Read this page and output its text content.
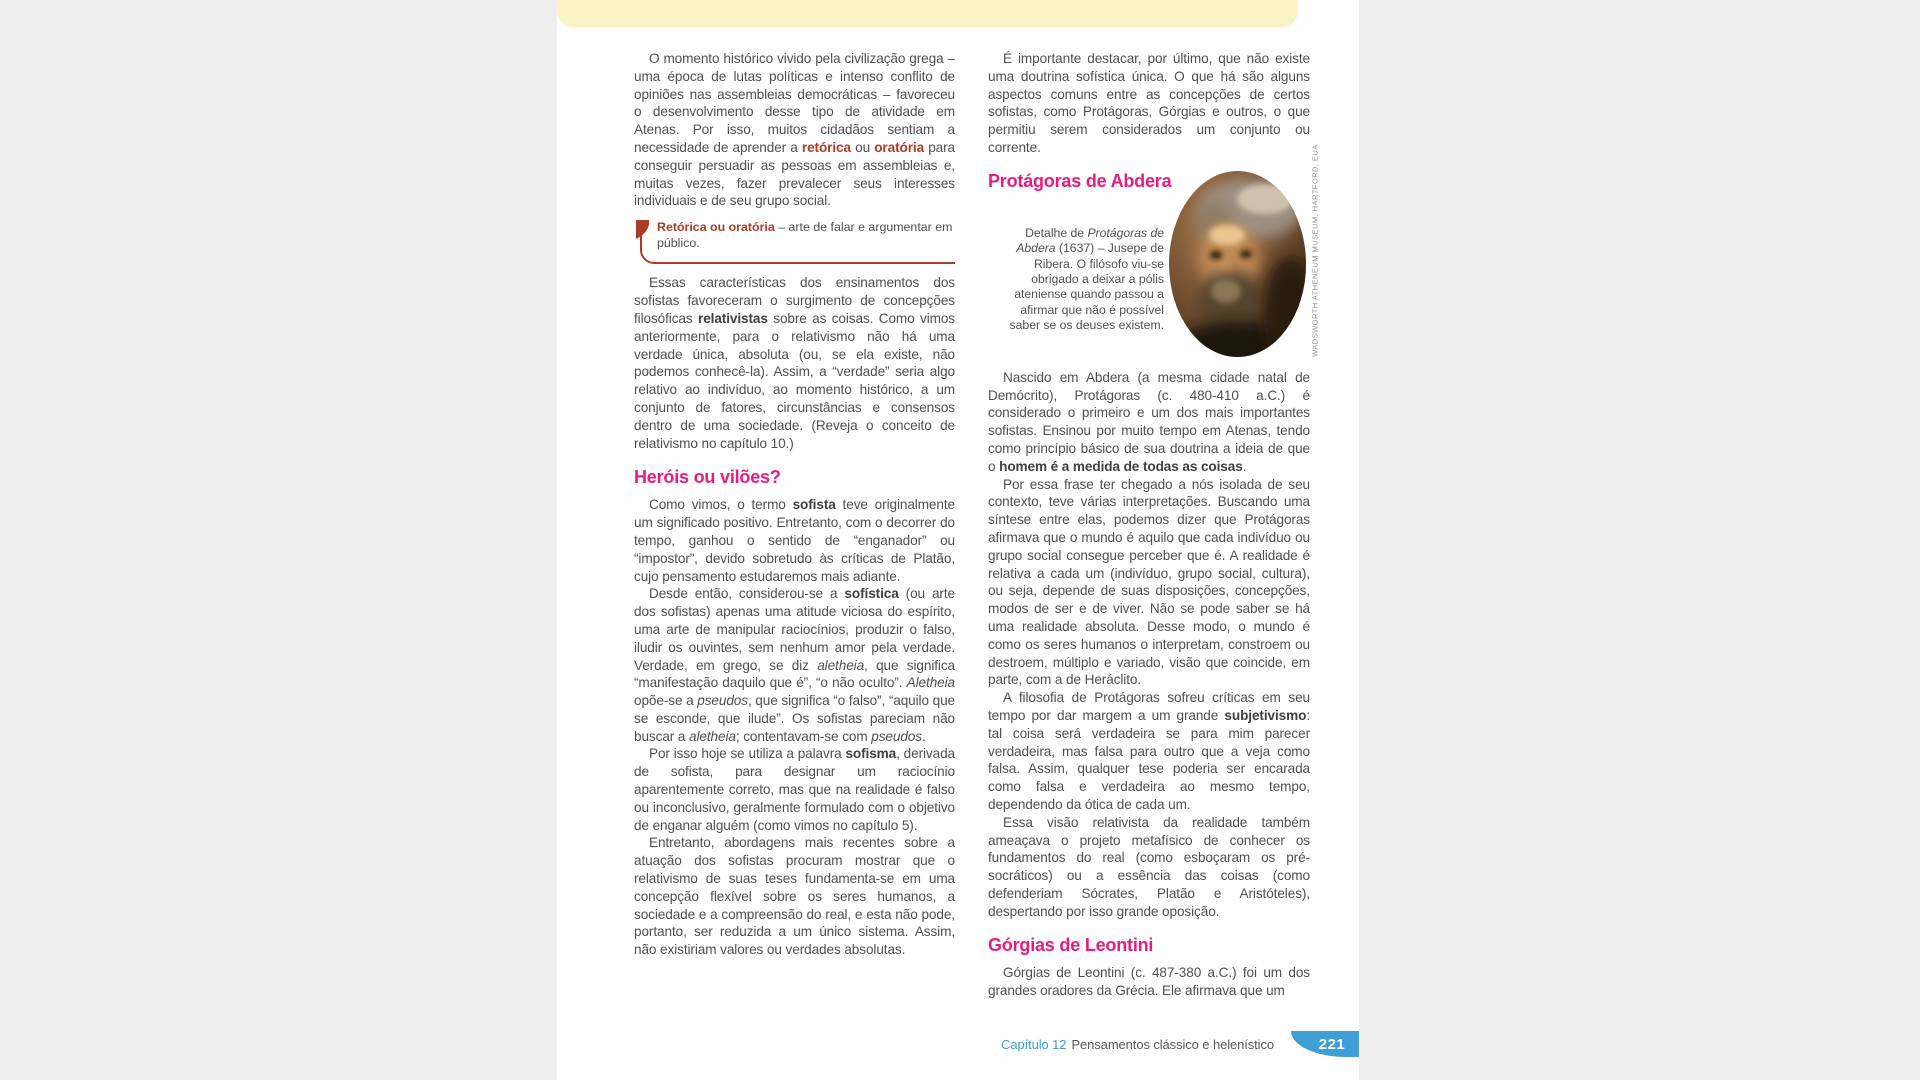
O momento histórico vivido pela civilização grega – uma época de lutas políticas e intenso conflito de opiniões nas assembleias democráticas – favoreceu o desenvolvimento desse tipo de atividade em Atenas. Por isso, muitos cidadãos sentiam a necessidade de aprender a retórica ou oratória para conseguir persuadir as pessoas em assembleias e, muitas vezes, fazer prevalecer seus interesses individuais e de seu grupo social.

Retórica ou oratória – arte de falar e argumentar em público.

Essas características dos ensinamentos dos sofistas favoreceram o surgimento de concepções filosóficas relativistas sobre as coisas. Como vimos anteriormente, para o relativismo não há uma verdade única, absoluta (ou, se ela existe, não podemos conhecê-la). Assim, a “verdade” seria algo relativo ao indivíduo, ao momento histórico, a um conjunto de fatores, circunstâncias e consensos dentro de uma sociedade. (Reveja o conceito de relativismo no capítulo 10.)

Heróis ou vilões?

Como vimos, o termo sofista teve originalmente um significado positivo. Entretanto, com o decorrer do tempo, ganhou o sentido de “enganador” ou “impostor”, devido sobretudo às críticas de Platão, cujo pensamento estudaremos mais adiante.

Desde então, considerou-se a sofística (ou arte dos sofistas) apenas uma atitude viciosa do espírito, uma arte de manipular raciocínios, produzir o falso, iludir os ouvintes, sem nenhum amor pela verdade. Verdade, em grego, se diz aletheia, que significa “manifestação daquilo que é”, “o não oculto”. Aletheia opõe-se a pseudos, que significa “o falso”, “aquilo que se esconde, que ilude”. Os sofistas pareciam não buscar a aletheia; contentavam-se com pseudos.

Por isso hoje se utiliza a palavra sofisma, derivada de sofista, para designar um raciocínio aparentemente correto, mas que na realidade é falso ou inconclusivo, geralmente formulado com o objetivo de enganar alguém (como vimos no capítulo 5).

Entretanto, abordagens mais recentes sobre a atuação dos sofistas procuram mostrar que o relativismo de suas teses fundamenta-se em uma concepção flexível sobre os seres humanos, a sociedade e a compreensão do real, e esta não pode, portanto, ser reduzida a um único sistema. Assim, não existiriam valores ou verdades absolutas.

É importante destacar, por último, que não existe uma doutrina sofística única. O que há são alguns aspectos comuns entre as concepções de certos sofistas, como Protágoras, Górgias e outros, o que permitiu serem considerados um conjunto ou corrente.

Protágoras de Abdera

Detalhe de Protágoras de Abdera (1637) – Jusepe de Ribera. O filósofo viu-se obrigado a deixar a pólis ateniense quando passou a afirmar que não é possível saber se os deuses existem.	WADSWORTH ATHENEUM MUSEUM, HARTFORD, EUA

Nascido em Abdera (a mesma cidade natal de Demócrito), Protágoras (c. 480-410 a.C.) é considerado o primeiro e um dos mais importantes sofistas. Ensinou por muito tempo em Atenas, tendo como princípio básico de sua doutrina a ideia de que o homem é a medida de todas as coisas.

Por essa frase ter chegado a nós isolada de seu contexto, teve várias interpretações. Buscando uma síntese entre elas, podemos dizer que Protágoras afirmava que o mundo é aquilo que cada indivíduo ou grupo social consegue perceber que é. A realidade é relativa a cada um (indivíduo, grupo social, cultura), ou seja, depende de suas disposições, concepções, modos de ser e de viver. Não se pode saber se há uma realidade absoluta. Desse modo, o mundo é como os seres humanos o interpretam, constroem ou destroem, múltiplo e variado, visão que coincide, em parte, com a de Heráclito.

A filosofia de Protágoras sofreu críticas em seu tempo por dar margem a um grande subjetivismo: tal coisa será verdadeira se para mim parecer verdadeira, mas falsa para outro que a veja como falsa. Assim, qualquer tese poderia ser encarada como falsa e verdadeira ao mesmo tempo, dependendo da ótica de cada um.

Essa visão relativista da realidade também ameaçava o projeto metafísico de conhecer os fundamentos do real (como esboçaram os pré-socráticos) ou a essência das coisas (como defenderiam Sócrates, Platão e Aristóteles), despertando por isso grande oposição.

Górgias de Leontini

Górgias de Leontini (c. 487-380 a.C.) foi um dos grandes oradores da Grécia. Ele afirmava que um

Capítulo 12 Pensamentos clássico e helenístico	221
